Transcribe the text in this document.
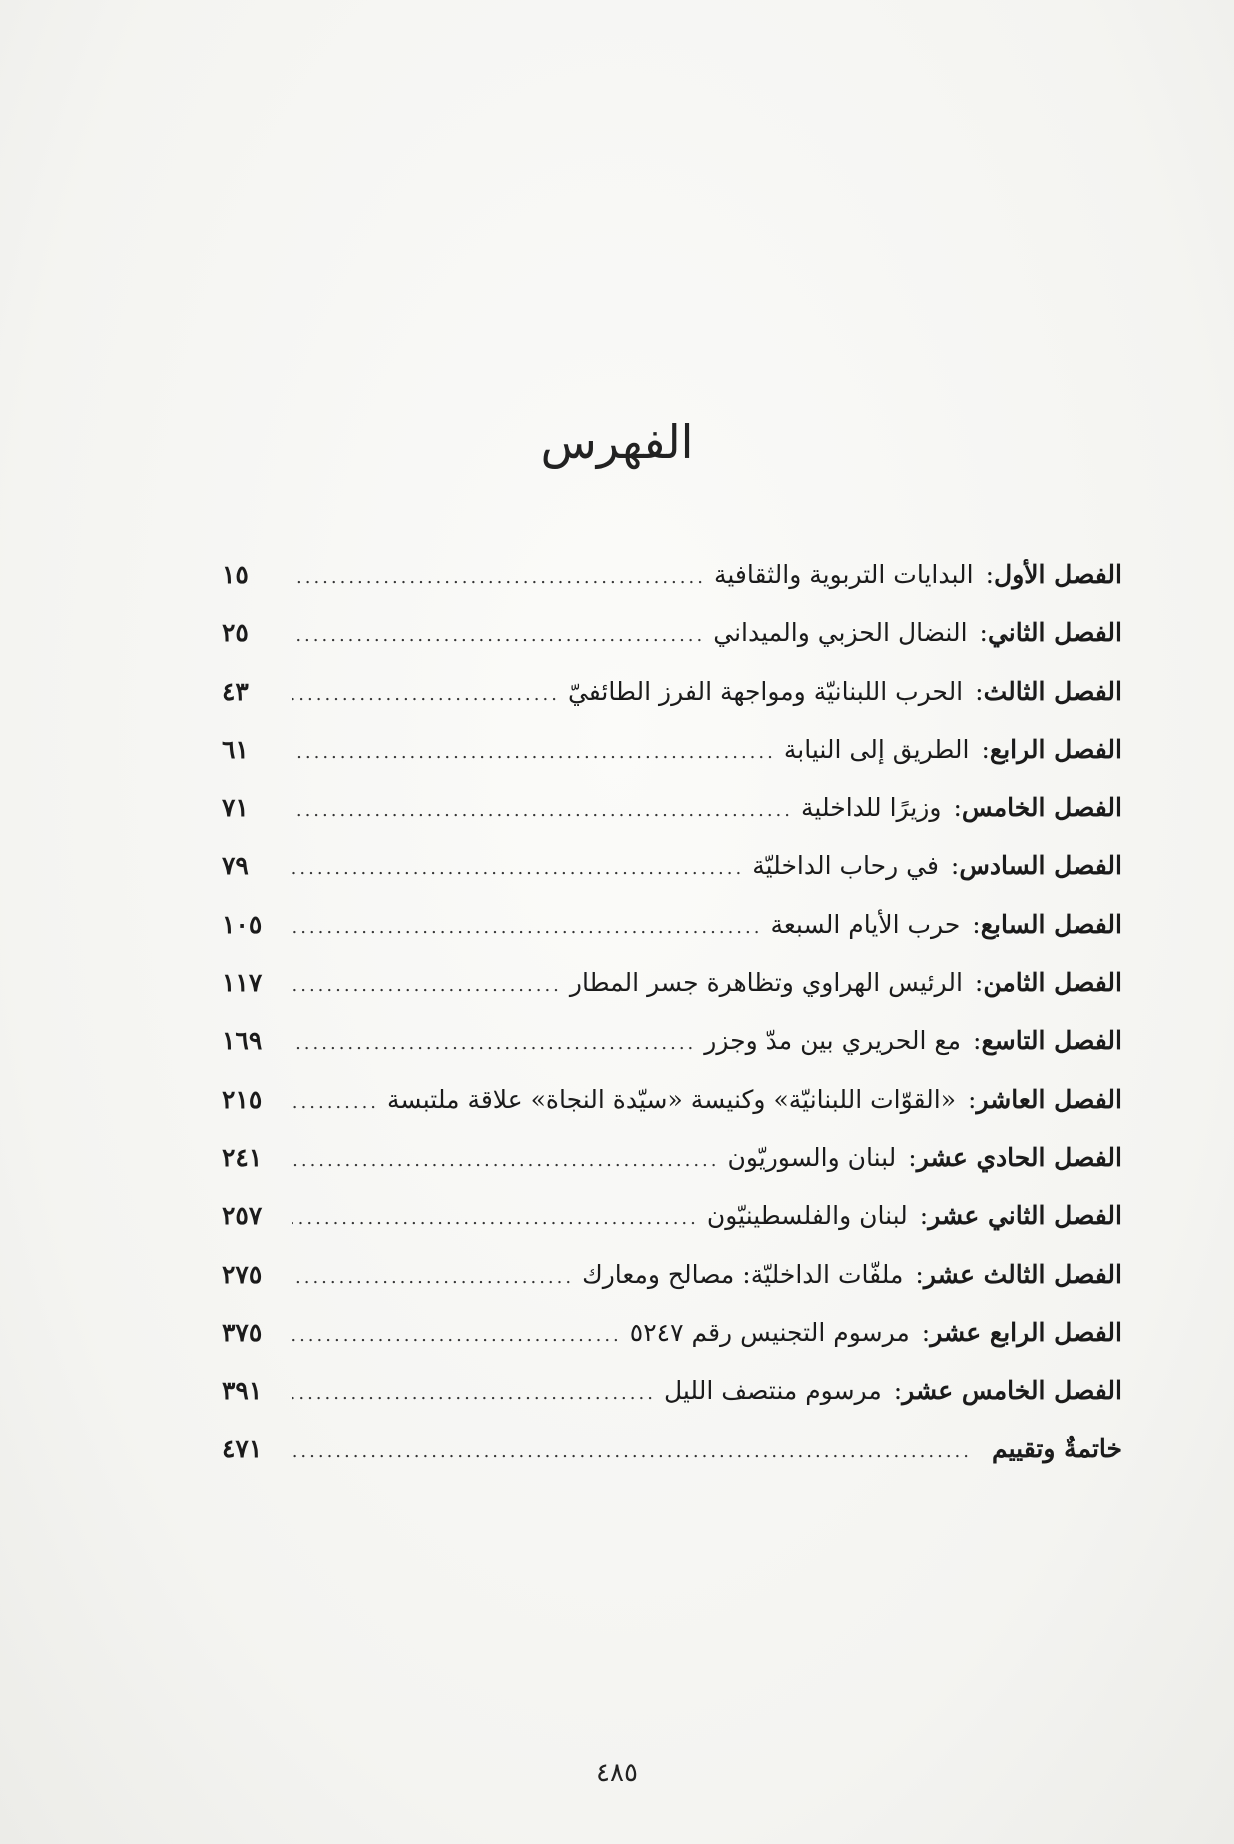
الفهرس
الفصل الأول
:
البدايات التربوية والثقافية
.....
١٥
الفصل الثاني
:
النضال الحزبي والميداني
.....
٢٥
الفصل الثالث
:
الحرب اللبنانيّة ومواجهة الفرز الطائفيّ
.....
٤٣
الفصل الرابع
:
الطريق إلى النيابة
.....
٦١
الفصل الخامس
:
وزيرًا للداخلية
.....
٧١
الفصل السادس
:
في رحاب الداخليّة
.....
٧٩
الفصل السابع
:
حرب الأيام السبعة
.....
١٠٥
الفصل الثامن
:
الرئيس الهراوي وتظاهرة جسر المطار
.....
١١٧
الفصل التاسع
:
مع الحريري بين مدّ وجزر
.....
١٦٩
الفصل العاشر
:
«القوّات اللبنانيّة» وكنيسة «سيّدة النجاة» علاقة ملتبسة
.....
٢١٥
الفصل الحادي عشر
:
لبنان والسوريّون
.....
٢٤١
الفصل الثاني عشر
:
لبنان والفلسطينيّون
.....
٢٥٧
الفصل الثالث عشر
:
ملفّات الداخليّة: مصالح ومعارك
.....
٢٧٥
الفصل الرابع عشر
:
مرسوم التجنيس رقم ٥٢٤٧
.....
٣٧٥
الفصل الخامس عشر
:
مرسوم منتصف الليل
.....
٣٩١
خاتمةٌ وتقييم
.....
٤٧١
٤٨٥
